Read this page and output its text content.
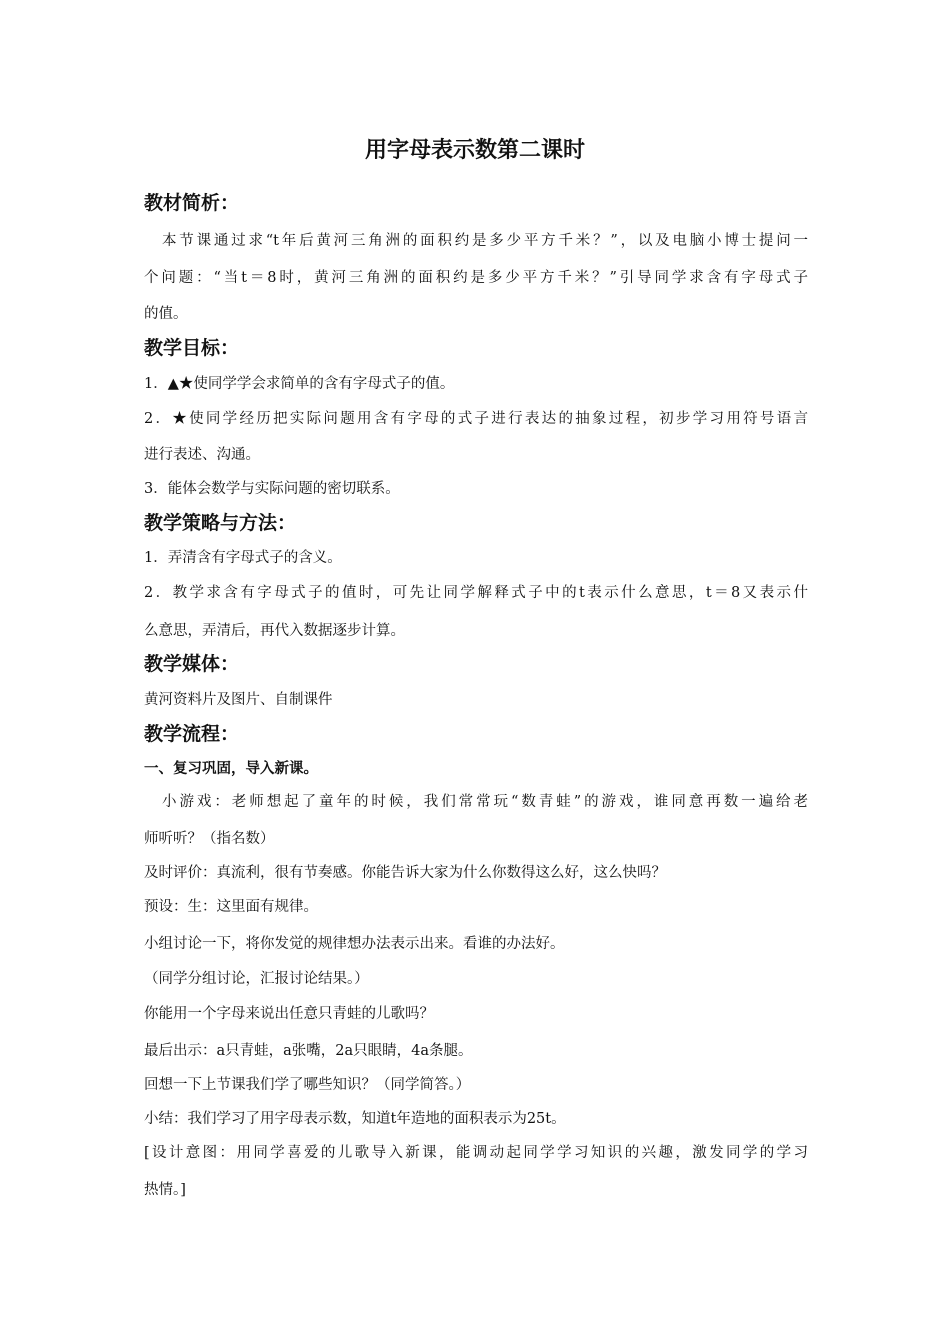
用字母表示数第二课时
教材简析：
本节课通过求“t年后黄河三角洲的面积约是多少平方千米？”，以及电脑小博士提问一
个问题：“当t＝8时，黄河三角洲的面积约是多少平方千米？”引导同学求含有字母式子
的值。
教学目标：
1．▲★使同学学会求简单的含有字母式子的值。
2．★使同学经历把实际问题用含有字母的式子进行表达的抽象过程，初步学习用符号语言
进行表述、沟通。
3．能体会数学与实际问题的密切联系。
教学策略与方法：
1．弄清含有字母式子的含义。
2．教学求含有字母式子的值时，可先让同学解释式子中的t表示什么意思，t＝8又表示什
么意思，弄清后，再代入数据逐步计算。
教学媒体：
黄河资料片及图片、自制课件
教学流程：
一、复习巩固，导入新课。
小游戏：老师想起了童年的时候，我们常常玩“数青蛙”的游戏，谁同意再数一遍给老
师听听？（指名数）
及时评价：真流利，很有节奏感。你能告诉大家为什么你数得这么好，这么快吗？
预设：生：这里面有规律。
小组讨论一下，将你发觉的规律想办法表示出来。看谁的办法好。
（同学分组讨论，汇报讨论结果。）
你能用一个字母来说出任意只青蛙的儿歌吗？
最后出示：a只青蛙，a张嘴，2a只眼睛，4a条腿。
回想一下上节课我们学了哪些知识？（同学简答。）
小结：我们学习了用字母表示数，知道t年造地的面积表示为25t。
[设计意图：用同学喜爱的儿歌导入新课，能调动起同学学习知识的兴趣，激发同学的学习
热情。]
